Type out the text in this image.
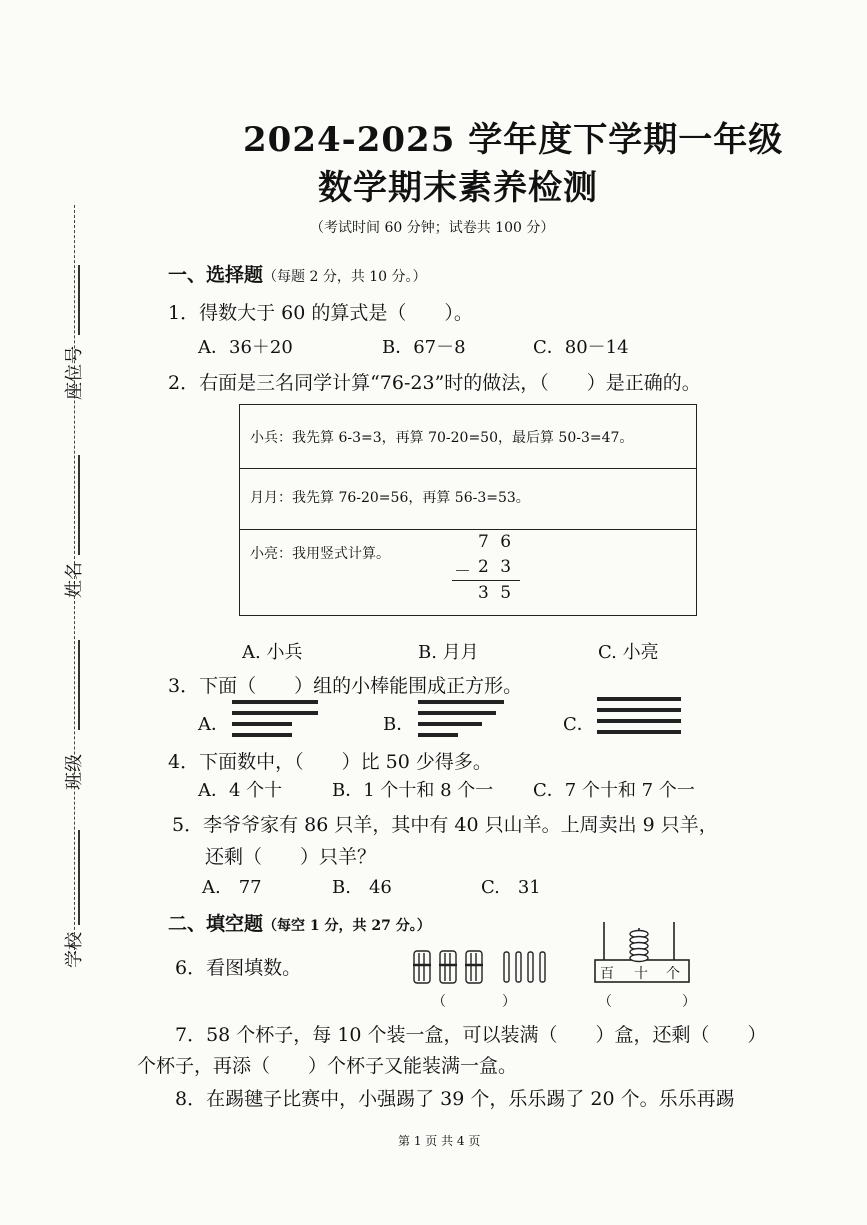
座位号
姓名
班级
学校
2024-2025 学年度下学期一年级
数学期末素养检测
（考试时间 60 分钟；试卷共 100 分）
一、选择题（每题 2 分，共 10 分。）
1．得数大于 60 的算式是（　　）。
A．36＋20	B．67－8	C．80－14
2．右面是三名同学计算“76-23”时的做法，（　　）是正确的。
小兵：我先算 6-3=3，再算 70-20=50，最后算 50-3=47。
月月：我先算 76-20=56，再算 56-3=53。
小亮：我用竖式计算。
7 6
－ 2 3
3 5
A. 小兵	B. 月月	C. 小亮
3．下面（　　）组的小棒能围成正方形。
A．	B．	C．
4．下面数中，（　　）比 50 少得多。
A．4 个十	B．1 个十和 8 个一 C．7 个十和 7 个一
5．李爷爷家有 86 只羊，其中有 40 只山羊。上周卖出 9 只羊，
还剩（　　）只羊？
A.　77	B.　46	C.　31
二、填空题（每空 1 分，共 27 分。）
6．看图填数。
（　　　　）
百 十 个
（　　　　　）
7．58 个杯子，每 10 个装一盒，可以装满（　　）盒，还剩（　　）
个杯子，再添（　　）个杯子又能装满一盒。
8．在踢毽子比赛中，小强踢了 39 个，乐乐踢了 20 个。乐乐再踢
第 1 页 共 4 页
